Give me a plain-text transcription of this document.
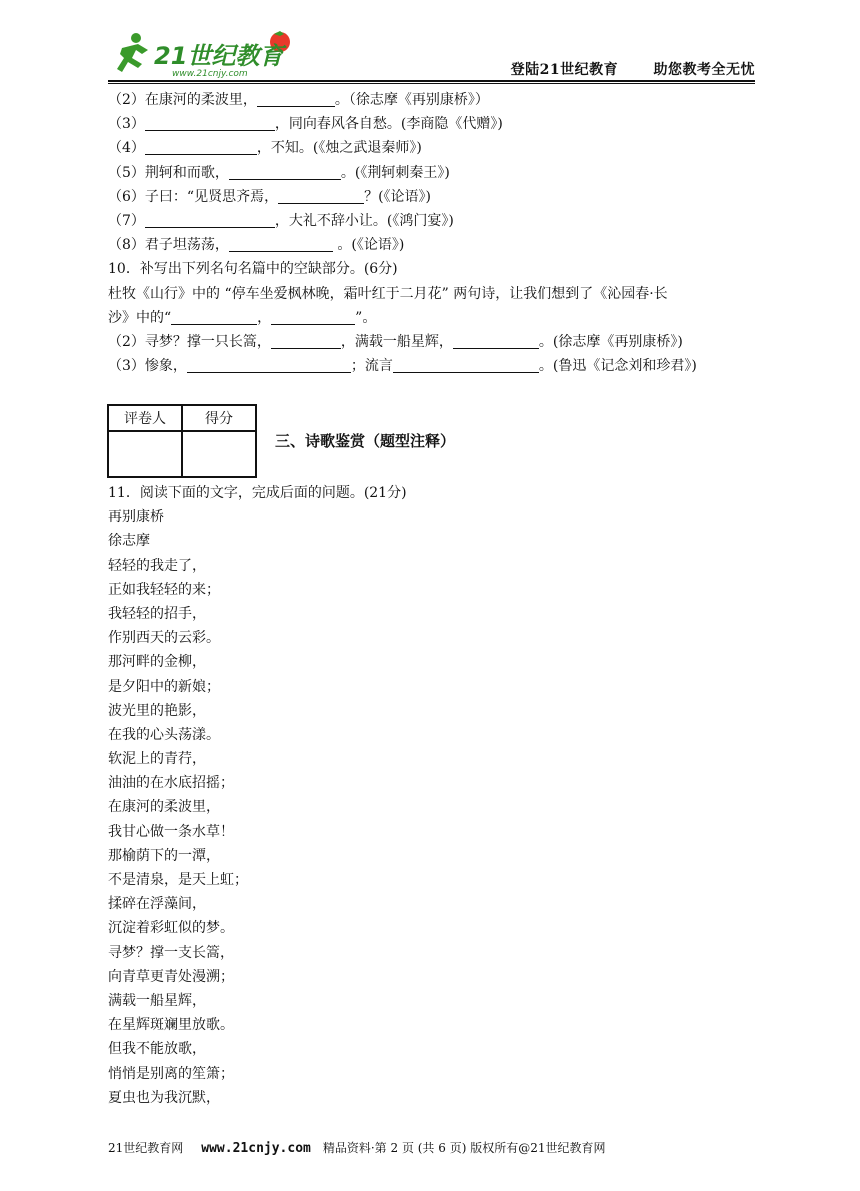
21世纪教育
www.21cnjy.com	登陆21世纪教育	助您教考全无忧
（2）在康河的柔波里，	。（徐志摩《再别康桥》）
（3）	，同向春风各自愁。(李商隐《代赠》)
（4）	，不知。(《烛之武退秦师》)
（5）荆轲和而歌，	。(《荆轲刺秦王》)
（6）子曰：“见贤思齐焉，	？(《论语》)
（7）	，大礼不辞小让。(《鸿门宴》)
（8）君子坦荡荡，	。(《论语》)
10．补写出下列名句名篇中的空缺部分。(6分)
杜牧《山行》中的 “停车坐爱枫林晚，霜叶红于二月花” 两句诗，让我们想到了《沁园春·长
沙》中的“	，	”。
（2）寻梦？撑一只长篙，	，满载一船星辉，	。(徐志摩《再别康桥》)
（3）惨象，	；流言	。(鲁迅《记念刘和珍君》)
评卷人	得分

三、诗歌鉴赏（题型注释）
11．阅读下面的文字，完成后面的问题。(21分)
再别康桥
徐志摩
轻轻的我走了，
正如我轻轻的来；
我轻轻的招手，
作别西天的云彩。
那河畔的金柳，
是夕阳中的新娘；
波光里的艳影，
在我的心头荡漾。
软泥上的青荇，
油油的在水底招摇；
在康河的柔波里，
我甘心做一条水草！
那榆荫下的一潭，
不是清泉，是天上虹；
揉碎在浮藻间，
沉淀着彩虹似的梦。
寻梦？撑一支长篙，
向青草更青处漫溯；
满载一船星辉，
在星辉斑斓里放歌。
但我不能放歌，
悄悄是别离的笙箫；
夏虫也为我沉默，
21世纪教育网 www.21cnjy.com 精品资料·第 2 页 (共 6 页) 版权所有@21世纪教育网
